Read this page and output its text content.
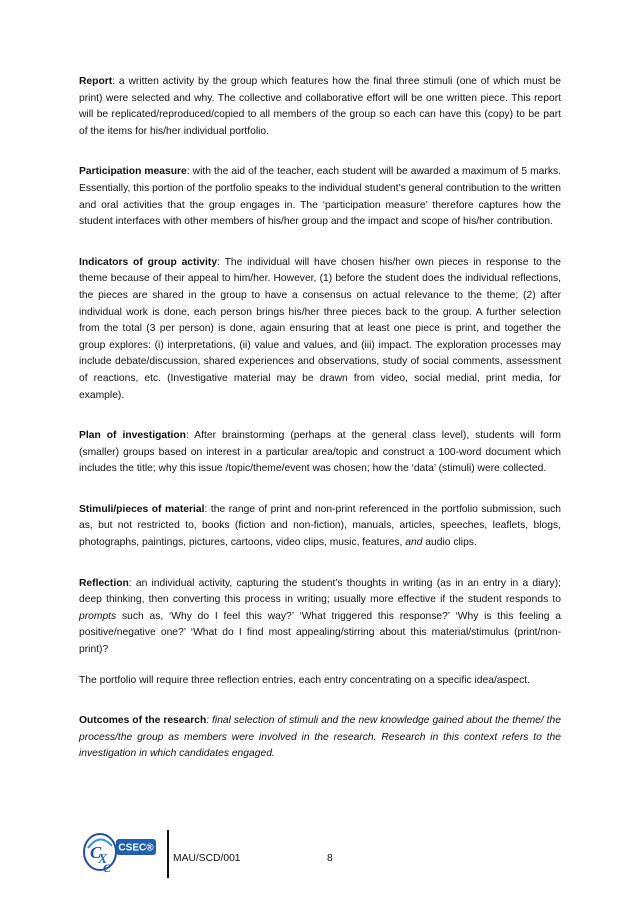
Report: a written activity by the group which features how the final three stimuli (one of which must be print) were selected and why. The collective and collaborative effort will be one written piece. This report will be replicated/reproduced/copied to all members of the group so each can have this (copy) to be part of the items for his/her individual portfolio.

Participation measure: with the aid of the teacher, each student will be awarded a maximum of 5 marks. Essentially, this portion of the portfolio speaks to the individual student’s general contribution to the written and oral activities that the group engages in. The ‘participation measure’ therefore captures how the student interfaces with other members of his/her group and the impact and scope of his/her contribution.

Indicators of group activity: The individual will have chosen his/her own pieces in response to the theme because of their appeal to him/her. However, (1) before the student does the individual reflections, the pieces are shared in the group to have a consensus on actual relevance to the theme; (2) after individual work is done, each person brings his/her three pieces back to the group. A further selection from the total (3 per person) is done, again ensuring that at least one piece is print, and together the group explores: (i) interpretations, (ii) value and values, and (iii) impact. The exploration processes may include debate/discussion, shared experiences and observations, study of social comments, assessment of reactions, etc. (Investigative material may be drawn from video, social medial, print media, for example).

Plan of investigation: After brainstorming (perhaps at the general class level), students will form (smaller) groups based on interest in a particular area/topic and construct a 100-word document which includes the title; why this issue /topic/theme/event was chosen; how the ‘data’ (stimuli) were collected.

Stimuli/pieces of material: the range of print and non-print referenced in the portfolio submission, such as, but not restricted to, books (fiction and non-fiction), manuals, articles, speeches, leaflets, blogs, photographs, paintings, pictures, cartoons, video clips, music, features, and audio clips.

Reflection: an individual activity, capturing the student’s thoughts in writing (as in an entry in a diary); deep thinking, then converting this process in writing; usually more effective if the student responds to prompts such as, ‘Why do I feel this way?’ ‘What triggered this response?’ ‘Why is this feeling a positive/negative one?’ ‘What do I find most appealing/stirring about this material/stimulus (print/non-print)?

The portfolio will require three reflection entries, each entry concentrating on a specific idea/aspect.

Outcomes of the research: final selection of stimuli and the new knowledge gained about the theme/ the process/the group as members were involved in the research. Research in this context refers to the investigation in which candidates engaged.

C
X
C
CSEC®
MAU/SCD/001	8
